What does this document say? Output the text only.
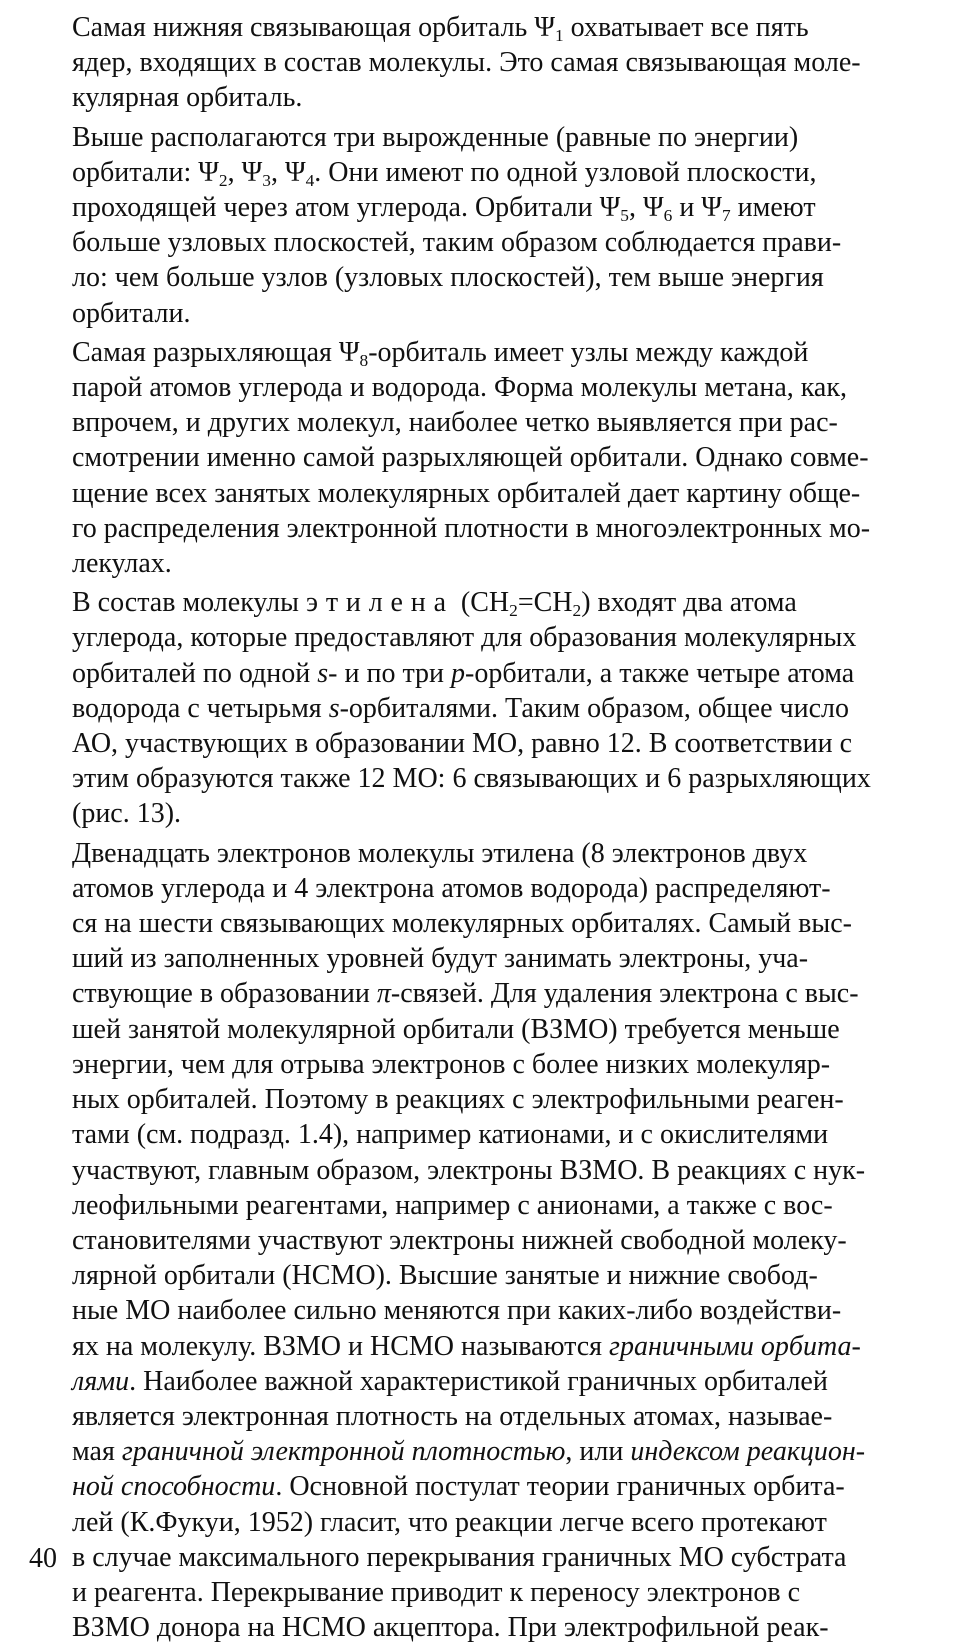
Самая нижняя связывающая орбиталь $\Psi_1$ охватывает все пять
ядер, входящих в состав молекулы. Это самая связывающая моле-
кулярная орбиталь.
Выше располагаются три вырожденные (равные по энергии)
орбитали: $\Psi_2$, $\Psi_3$, $\Psi_4$. Они имеют по одной узловой плоскости,
проходящей через атом углерода. Орбитали $\Psi_5$, $\Psi_6$ и $\Psi_7$ имеют
больше узловых плоскостей, таким образом соблюдается прави-
ло: чем больше узлов (узловых плоскостей), тем выше энергия
орбитали.
Самая разрыхляющая $\Psi_8$-орбиталь имеет узлы между каждой
парой атомов углерода и водорода. Форма молекулы метана, как,
впрочем, и других молекул, наиболее четко выявляется при рас-
смотрении именно самой разрыхляющей орбитали. Однако совме-
щение всех занятых молекулярных орбиталей дает картину обще-
го распределения электронной плотности в многоэлектронных мо-
лекулах.
В состав молекулы этилена $(CH_2=CH_2)$ входят два атома
углерода, которые предоставляют для образования молекулярных
орбиталей по одной s- и по три p-орбитали, а также четыре атома
водорода с четырьмя s-орбиталями. Таким образом, общее число
АО, участвующих в образовании МО, равно 12. В соответствии с
этим образуются также 12 МО: 6 связывающих и 6 разрыхляющих
(рис. 13).
Двенадцать электронов молекулы этилена (8 электронов двух
атомов углерода и 4 электрона атомов водорода) распределяют-
ся на шести связывающих молекулярных орбиталях. Самый выс-
ший из заполненных уровней будут занимать электроны, уча-
ствующие в образовании π-связей. Для удаления электрона с выс-
шей занятой молекулярной орбитали (ВЗМО) требуется меньше
энергии, чем для отрыва электронов с более низких молекуляр-
ных орбиталей. Поэтому в реакциях с электрофильными реаген-
тами (см. подразд. 1.4), например катионами, и с окислителями
участвуют, главным образом, электроны ВЗМО. В реакциях с нук-
леофильными реагентами, например с анионами, а также с вос-
становителями участвуют электроны нижней свободной молеку-
лярной орбитали (НСМО). Высшие занятые и нижние свобод-
ные МО наиболее сильно меняются при каких-либо воздействи-
ях на молекулу. ВЗМО и НСМО называются граничными орбита-
лями. Наиболее важной характеристикой граничных орбиталей
является электронная плотность на отдельных атомах, называе-
мая граничной электронной плотностью, или индексом реакцион-
ной способности. Основной постулат теории граничных орбита-
лей (К.Фукуи, 1952) гласит, что реакции легче всего протекают
в случае максимального перекрывания граничных МО субстрата
и реагента. Перекрывание приводит к переносу электронов с
ВЗМО донора на НСМО акцептора. При электрофильной реак-
40
